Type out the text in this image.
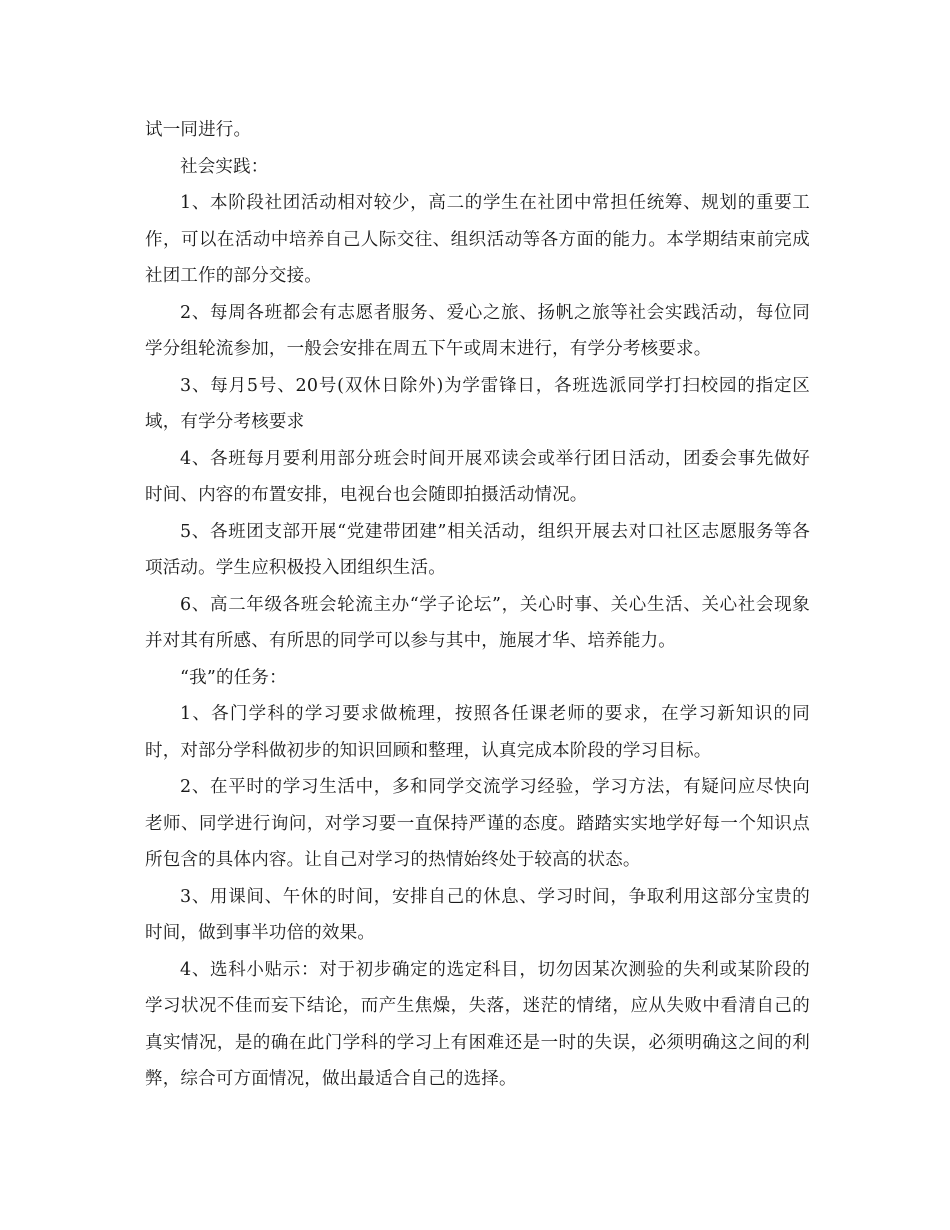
试一同进行。

社会实践：

1、本阶段社团活动相对较少，高二的学生在社团中常担任统筹、规划的重要工作，可以在活动中培养自己人际交往、组织活动等各方面的能力。本学期结束前完成社团工作的部分交接。

2、每周各班都会有志愿者服务、爱心之旅、扬帆之旅等社会实践活动，每位同学分组轮流参加，一般会安排在周五下午或周末进行，有学分考核要求。

3、每月5号、20号(双休日除外)为学雷锋日，各班选派同学打扫校园的指定区域，有学分考核要求

4、各班每月要利用部分班会时间开展邓读会或举行团日活动，团委会事先做好时间、内容的布置安排，电视台也会随即拍摄活动情况。

5、各班团支部开展“党建带团建”相关活动，组织开展去对口社区志愿服务等各项活动。学生应积极投入团组织生活。

6、高二年级各班会轮流主办“学子论坛”，关心时事、关心生活、关心社会现象并对其有所感、有所思的同学可以参与其中，施展才华、培养能力。

“我”的任务：

1、各门学科的学习要求做梳理，按照各任课老师的要求，在学习新知识的同时，对部分学科做初步的知识回顾和整理，认真完成本阶段的学习目标。

2、在平时的学习生活中，多和同学交流学习经验，学习方法，有疑问应尽快向老师、同学进行询问，对学习要一直保持严谨的态度。踏踏实实地学好每一个知识点所包含的具体内容。让自己对学习的热情始终处于较高的状态。

3、用课间、午休的时间，安排自己的休息、学习时间，争取利用这部分宝贵的时间，做到事半功倍的效果。

4、选科小贴示：对于初步确定的选定科目，切勿因某次测验的失利或某阶段的学习状况不佳而妄下结论，而产生焦燥，失落，迷茫的情绪，应从失败中看清自己的真实情况，是的确在此门学科的学习上有困难还是一时的失误，必须明确这之间的利弊，综合可方面情况，做出最适合自己的选择。
